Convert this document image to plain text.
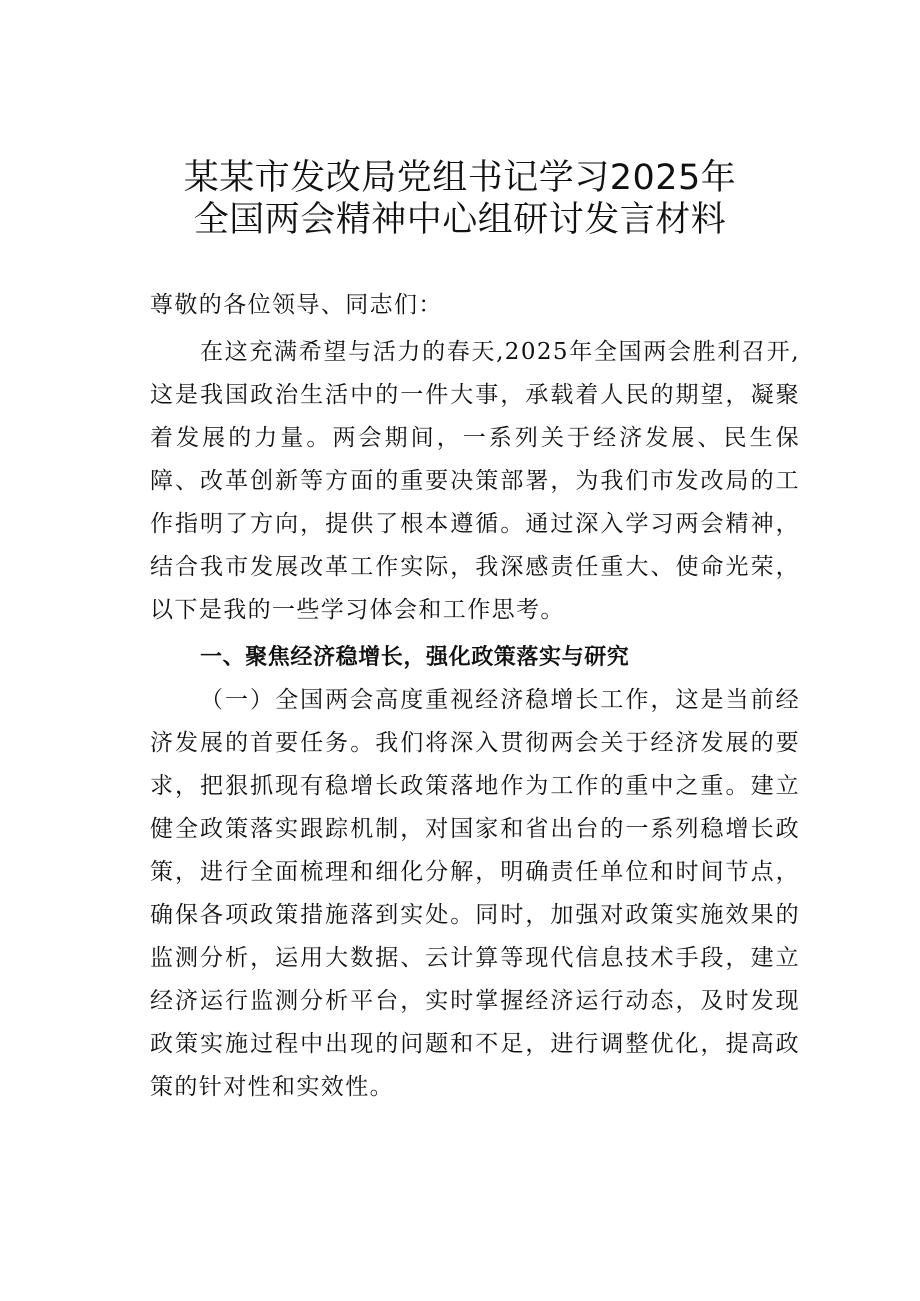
某某市发改局党组书记学习2025年
全国两会精神中心组研讨发言材料
尊敬的各位领导、同志们：
在这充满希望与活力的春天,2025年全国两会胜利召开,这是我国政治生活中的一件大事，承载着人民的期望，凝聚着发展的力量。两会期间，一系列关于经济发展、民生保障、改革创新等方面的重要决策部署，为我们市发改局的工作指明了方向，提供了根本遵循。通过深入学习两会精神，结合我市发展改革工作实际，我深感责任重大、使命光荣，以下是我的一些学习体会和工作思考。
一、聚焦经济稳增长，强化政策落实与研究
（一）全国两会高度重视经济稳增长工作，这是当前经济发展的首要任务。我们将深入贯彻两会关于经济发展的要求，把狠抓现有稳增长政策落地作为工作的重中之重。建立健全政策落实跟踪机制，对国家和省出台的一系列稳增长政策，进行全面梳理和细化分解，明确责任单位和时间节点，确保各项政策措施落到实处。同时，加强对政策实施效果的监测分析，运用大数据、云计算等现代信息技术手段，建立经济运行监测分析平台，实时掌握经济运行动态，及时发现政策实施过程中出现的问题和不足，进行调整优化，提高政策的针对性和实效性。
